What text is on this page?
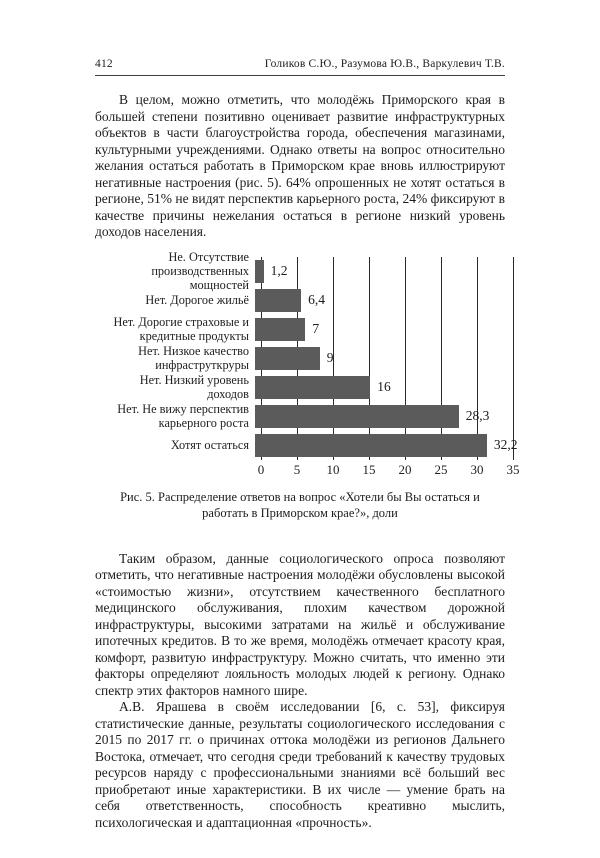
412	Голиков С.Ю., Разумова Ю.В., Варкулевич Т.В.

В целом, можно отметить, что молодёжь Приморского края в большей степени позитивно оценивает развитие инфраструктурных объектов в части благоустройства города, обеспечения магазинами, культурными учреждениями. Однако ответы на вопрос относительно желания остаться работать в Приморском крае вновь иллюстрируют негативные настроения (рис. 5). 64% опрошенных не хотят остаться в регионе, 51% не видят перспектив карьерного роста, 24% фиксируют в качестве причины нежелания остаться в регионе низкий уровень доходов населения.

Не. Отсутствие производственных мощностей
1,2
Нет. Дорогое жильё	6,4
Нет. Дорогие страховые и кредитные продукты	7
Нет. Низкое качество инфраструткруры	9
Нет. Низкий уровень доходов	16
Нет. Не вижу перспектив карьерного роста	28,3
Хотят остаться	32,2
0 5 10 15 20 25 30 35
Рис. 5. Распределение ответов на вопрос «Хотели бы Вы остаться и работать в Приморском крае?», доли

Таким образом, данные социологического опроса позволяют отметить, что негативные настроения молодёжи обусловлены высокой «стоимостью жизни», отсутствием качественного бесплатного медицинского обслуживания, плохим качеством дорожной инфраструктуры, высокими затратами на жильё и обслуживание ипотечных кредитов. В то же время, молодёжь отмечает красоту края, комфорт, развитую инфраструктуру. Можно считать, что именно эти факторы определяют лояльность молодых людей к региону. Однако спектр этих факторов намного шире.

А.В. Ярашева в своём исследовании [6, с. 53], фиксируя статистические данные, результаты социологического исследования с 2015 по 2017 гг. о причинах оттока молодёжи из регионов Дальнего Востока, отмечает, что сегодня среди требований к качеству трудовых ресурсов наряду с профессиональными знаниями всё больший вес приобретают иные характеристики. В их числе — умение брать на себя ответственность, способность креативно мыслить, психологическая и адаптационная «прочность».
